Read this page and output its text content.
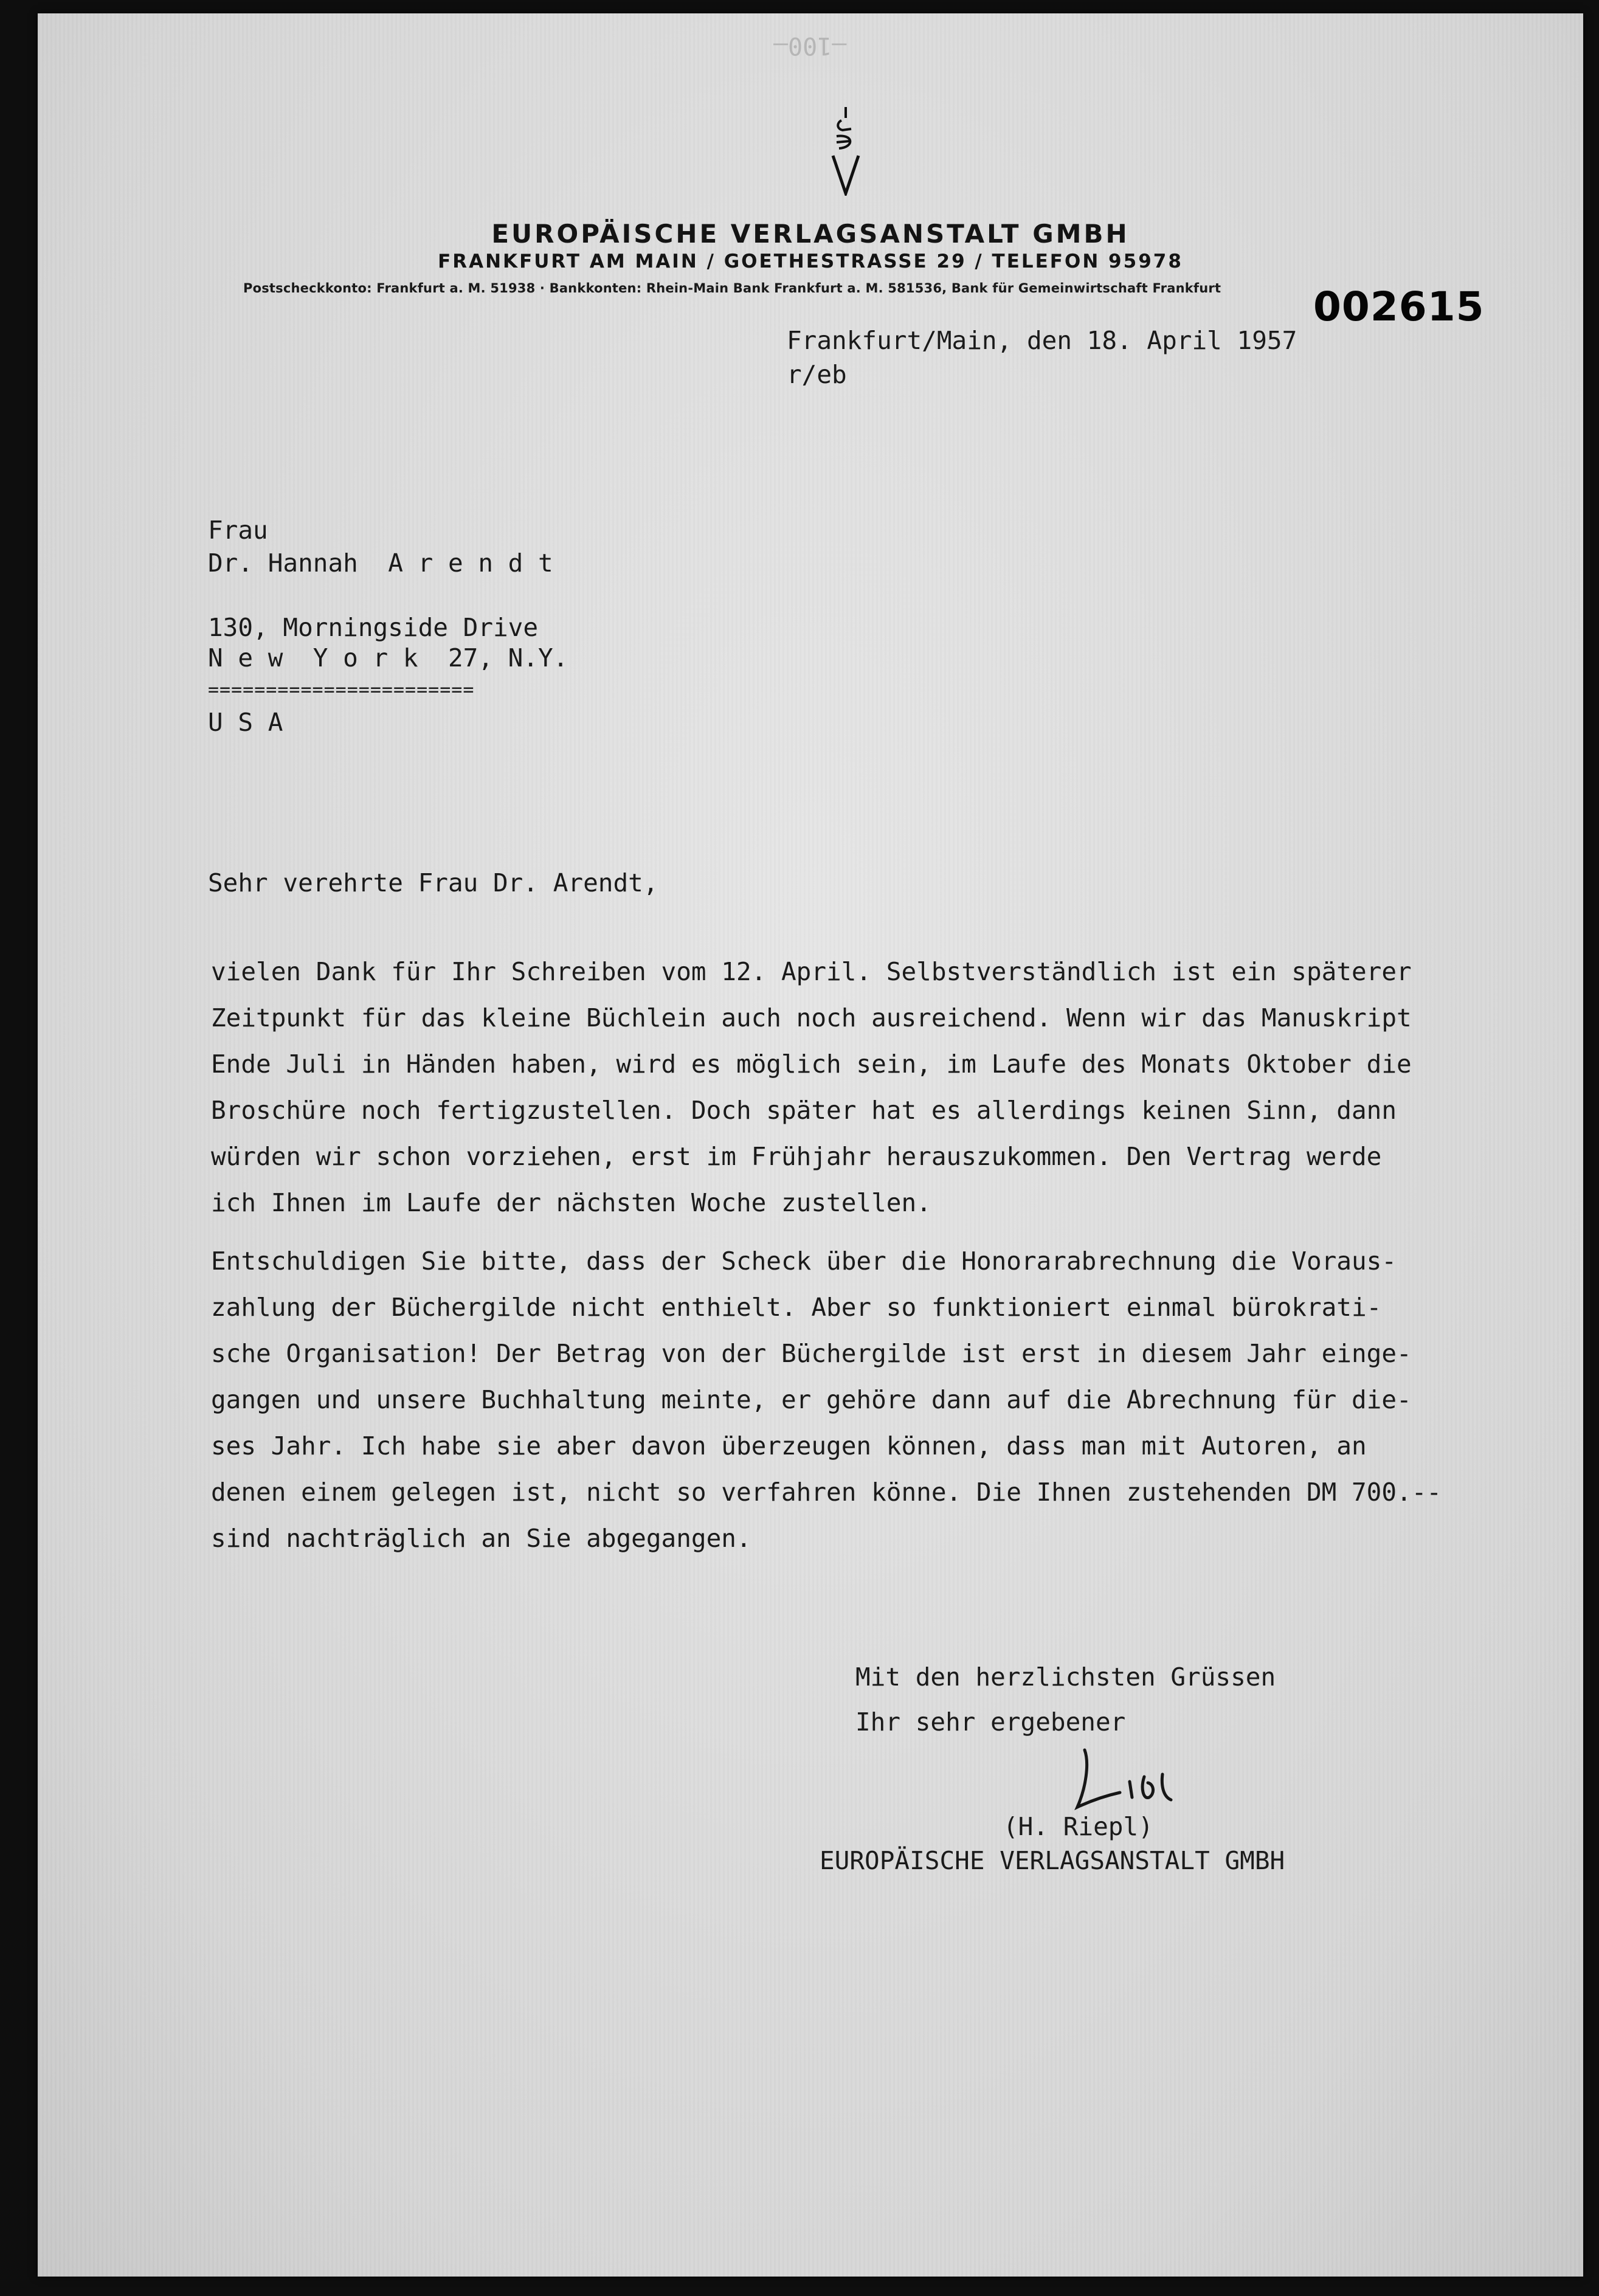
—100—
EUROPÄISCHE VERLAGSANSTALT GMBH
FRANKFURT AM MAIN / GOETHESTRASSE 29 / TELEFON 95978
Postscheckkonto: Frankfurt a. M. 51938 · Bankkonten: Rhein-Main Bank Frankfurt a. M. 581536, Bank für Gemeinwirtschaft Frankfurt 002615
Frankfurt/Main, den 18. April 1957
r/eb
Frau
Dr. Hannah  A r e n d t
130, Morningside Drive
N e w  Y o r k  27, N.Y.
=======================
U S A
Sehr verehrte Frau Dr. Arendt,
vielen Dank für Ihr Schreiben vom 12. April. Selbstverständlich ist ein späterer
Zeitpunkt für das kleine Büchlein auch noch ausreichend. Wenn wir das Manuskript
Ende Juli in Händen haben, wird es möglich sein, im Laufe des Monats Oktober die
Broschüre noch fertigzustellen. Doch später hat es allerdings keinen Sinn, dann
würden wir schon vorziehen, erst im Frühjahr herauszukommen. Den Vertrag werde
ich Ihnen im Laufe der nächsten Woche zustellen.
Entschuldigen Sie bitte, dass der Scheck über die Honorarabrechnung die Voraus-
zahlung der Büchergilde nicht enthielt. Aber so funktioniert einmal bürokrati-
sche Organisation! Der Betrag von der Büchergilde ist erst in diesem Jahr einge-
gangen und unsere Buchhaltung meinte, er gehöre dann auf die Abrechnung für die-
ses Jahr. Ich habe sie aber davon überzeugen können, dass man mit Autoren, an
denen einem gelegen ist, nicht so verfahren könne. Die Ihnen zustehenden DM 700.--
sind nachträglich an Sie abgegangen.
Mit den herzlichsten Grüssen
Ihr sehr ergebener
(H. Riepl)
EUROPÄISCHE VERLAGSANSTALT GMBH
